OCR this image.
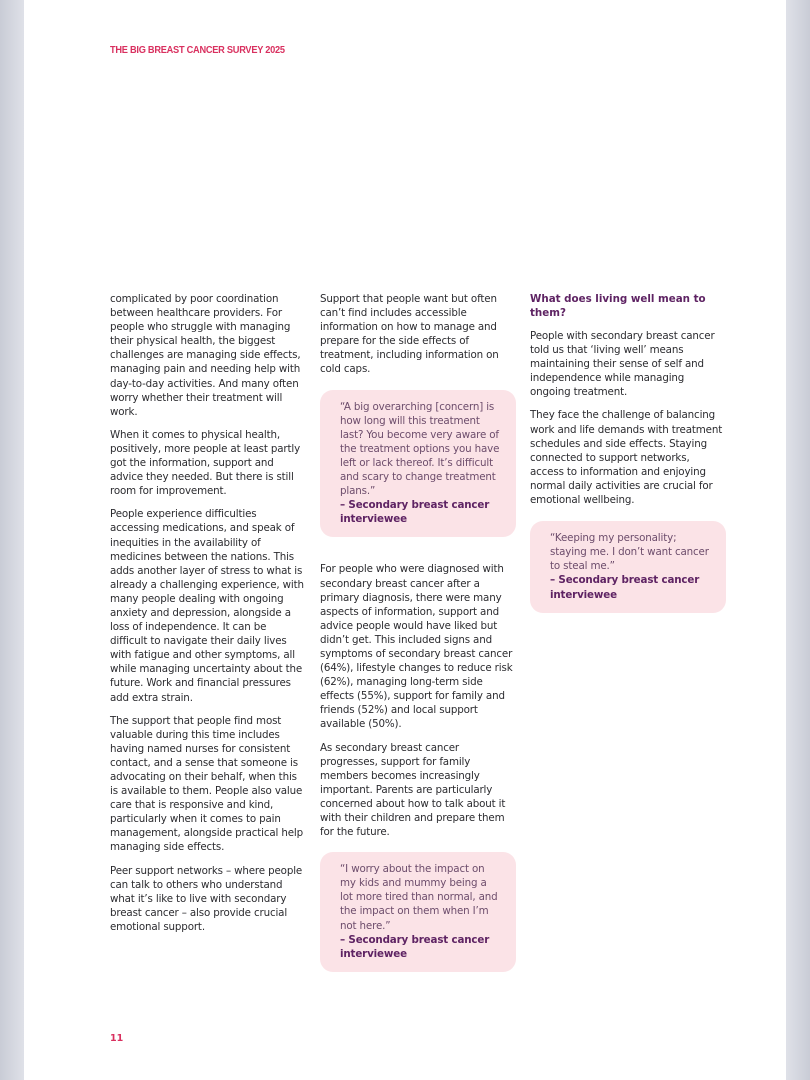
THE BIG BREAST CANCER SURVEY 2025

complicated by poor coordination between healthcare providers. For people who struggle with managing their physical health, the biggest challenges are managing side effects, managing pain and needing help with day-to-day activities. And many often worry whether their treatment will work.

When it comes to physical health, positively, more people at least partly got the information, support and advice they needed. But there is still room for improvement.

People experience difficulties accessing medications, and speak of inequities in the availability of medicines between the nations. This adds another layer of stress to what is already a challenging experience, with many people dealing with ongoing anxiety and depression, alongside a loss of independence. It can be difficult to navigate their daily lives with fatigue and other symptoms, all while managing uncertainty about the future. Work and financial pressures add extra strain.

The support that people find most valuable during this time includes having named nurses for consistent contact, and a sense that someone is advocating on their behalf, when this is available to them. People also value care that is responsive and kind, particularly when it comes to pain management, alongside practical help managing side effects.

Peer support networks – where people can talk to others who understand what it’s like to live with secondary breast cancer – also provide crucial emotional support.

Support that people want but often can’t find includes accessible information on how to manage and prepare for the side effects of treatment, including information on cold caps.

“A big overarching [concern] is how long will this treatment last? You become very aware of the treatment options you have left or lack thereof. It’s difficult and scary to change treatment plans.”
– Secondary breast cancer interviewee

For people who were diagnosed with secondary breast cancer after a primary diagnosis, there were many aspects of information, support and advice people would have liked but didn’t get. This included signs and symptoms of secondary breast cancer (64%), lifestyle changes to reduce risk (62%), managing long-term side effects (55%), support for family and friends (52%) and local support available (50%).

As secondary breast cancer progresses, support for family members becomes increasingly important. Parents are particularly concerned about how to talk about it with their children and prepare them for the future.

“I worry about the impact on my kids and mummy being a lot more tired than normal, and the impact on them when I’m not here.”
– Secondary breast cancer interviewee
What does living well mean to them?

People with secondary breast cancer told us that ‘living well’ means maintaining their sense of self and independence while managing ongoing treatment.

They face the challenge of balancing work and life demands with treatment schedules and side effects. Staying connected to support networks, access to information and enjoying normal daily activities are crucial for emotional wellbeing.

“Keeping my personality; staying me. I don’t want cancer to steal me.”
– Secondary breast cancer interviewee
11
